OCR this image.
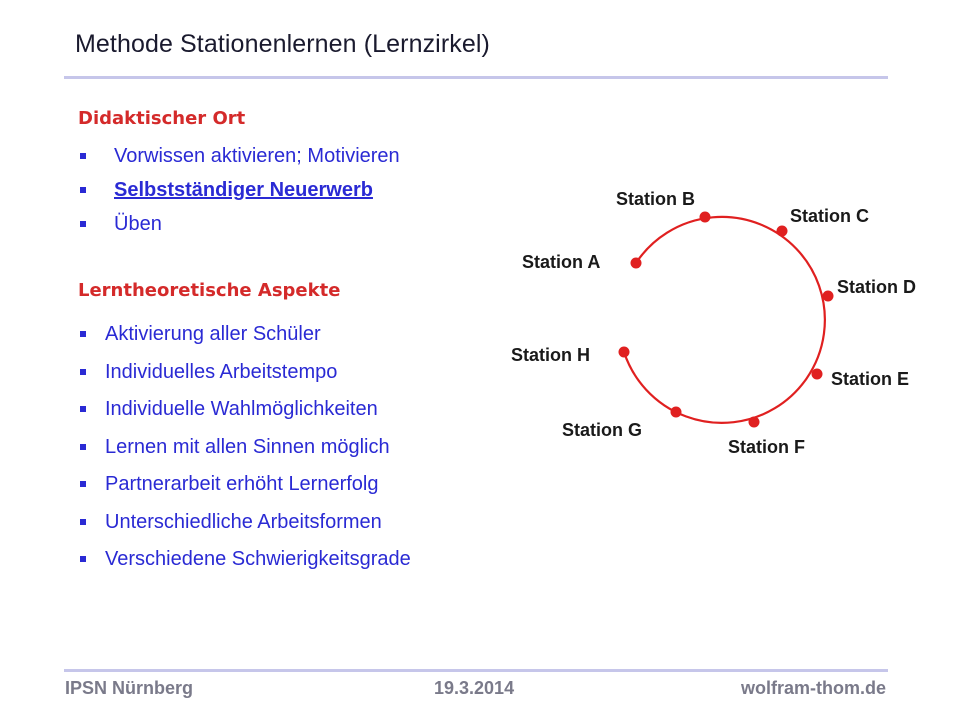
Methode Stationenlernen (Lernzirkel)
Didaktischer Ort
Vorwissen aktivieren; Motivieren
Selbstständiger Neuerwerb
Üben
Lerntheoretische Aspekte
Aktivierung aller Schüler
Individuelles Arbeitstempo
Individuelle Wahlmöglichkeiten
Lernen mit allen Sinnen möglich
Partnerarbeit erhöht Lernerfolg
Unterschiedliche Arbeitsformen
Verschiedene Schwierigkeitsgrade
Station A
Station B
Station C
Station D
Station E
Station F
Station G
Station H
IPSN Nürnberg	19.3.2014	wolfram-thom.de
